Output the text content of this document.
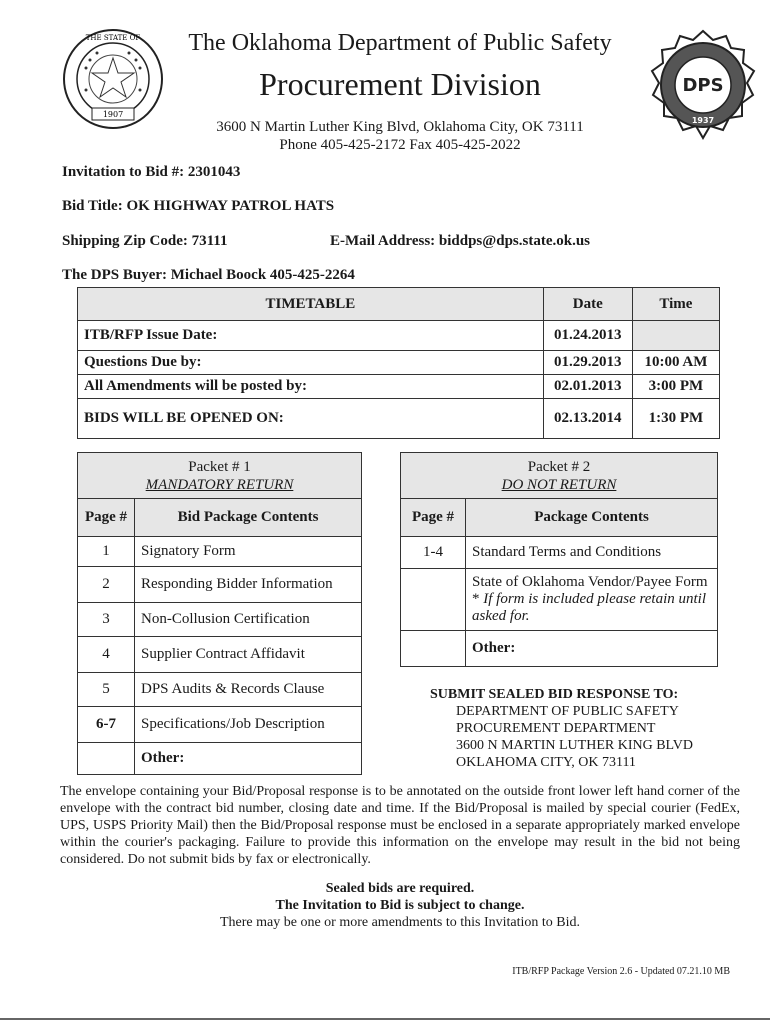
1907
THE STATE OF
DPS
1937
The Oklahoma Department of Public Safety
Procurement Division
3600 N Martin Luther King Blvd, Oklahoma City, OK 73111
Phone 405-425-2172 Fax 405-425-2022
Invitation to Bid #: 2301043
Bid Title: OK HIGHWAY PATROL HATS
Shipping Zip Code: 73111	E-Mail Address: biddps@dps.state.ok.us
The DPS Buyer: Michael Boock 405-425-2264
TIMETABLE	Date	Time
ITB/RFP Issue Date:	01.24.2013	
Questions Due by:	01.29.2013	10:00 AM
All Amendments will be posted by:	02.01.2013	3:00 PM
BIDS WILL BE OPENED ON:	02.13.2014	1:30 PM
Packet # 1
MANDATORY RETURN	

Page #	Bid Package Contents
1	Signatory Form
2	Responding Bidder Information
3	Non-Collusion Certification
4	Supplier Contract Affidavit
5	DPS Audits & Records Clause
6-7	Specifications/Job Description
	Other:
Packet # 2
DO NOT RETURN	

Page #	Package Contents
1-4	Standard Terms and Conditions
	State of Oklahoma Vendor/Payee Form * If form is included please retain until asked for.
	Other:
SUBMIT SEALED BID RESPONSE TO:
DEPARTMENT OF PUBLIC SAFETY
PROCUREMENT DEPARTMENT
3600 N MARTIN LUTHER KING BLVD
OKLAHOMA CITY, OK 73111
The envelope containing your Bid/Proposal response is to be annotated on the outside front lower left hand corner of the envelope with the contract bid number, closing date and time. If the Bid/Proposal is mailed by special courier (FedEx, UPS, USPS Priority Mail) then the Bid/Proposal response must be enclosed in a separate appropriately marked envelope within the courier's packaging. Failure to provide this information on the envelope may result in the bid not being considered. Do not submit bids by fax or electronically.
Sealed bids are required.
The Invitation to Bid is subject to change.
There may be one or more amendments to this Invitation to Bid.
ITB/RFP Package Version 2.6 - Updated 07.21.10 MB
